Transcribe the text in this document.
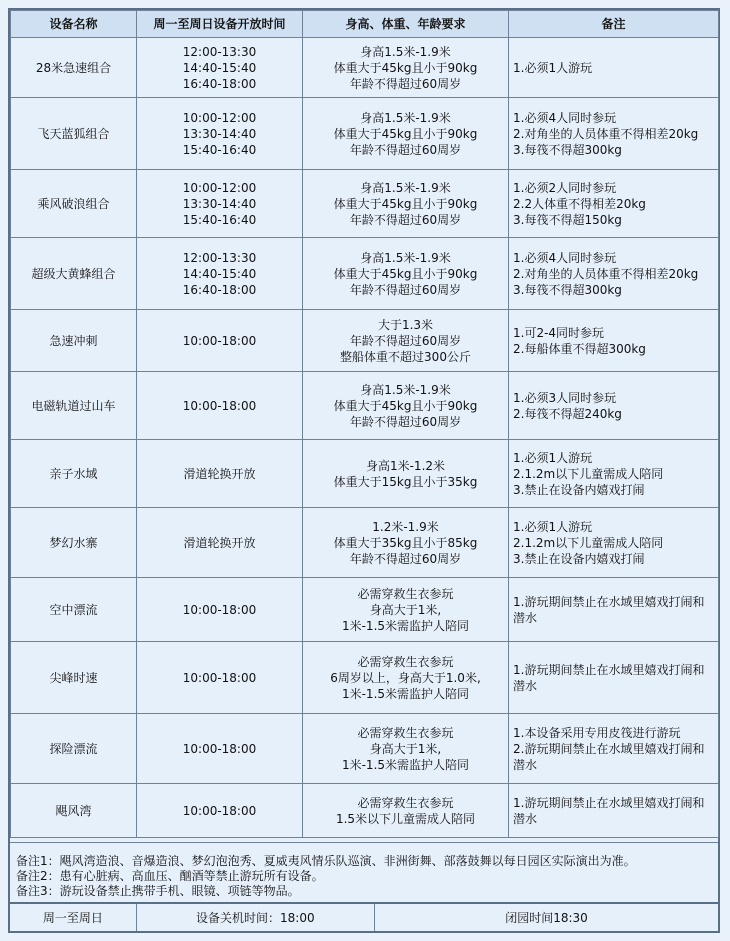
设备名称	周一至周日设备开放时间	身高、体重、年龄要求	备注
28米急速组合	12:00-13:30
14:40-15:40
16:40-18:00	身高1.5米-1.9米
体重大于45kg且小于90kg
年龄不得超过60周岁	1.必须1人游玩

飞天蓝狐组合	10:00-12:00
13:30-14:40
15:40-16:40	身高1.5米-1.9米
体重大于45kg且小于90kg
年龄不得超过60周岁	1.必须4人同时参玩
2.对角坐的人员体重不得相差20kg
3.每筏不得超300kg

乘风破浪组合	10:00-12:00
13:30-14:40
15:40-16:40	身高1.5米-1.9米
体重大于45kg且小于90kg
年龄不得超过60周岁	1.必须2人同时参玩
2.2人体重不得相差20kg
3.每筏不得超150kg

超级大黄蜂组合	12:00-13:30
14:40-15:40
16:40-18:00	身高1.5米-1.9米
体重大于45kg且小于90kg
年龄不得超过60周岁	1.必须4人同时参玩
2.对角坐的人员体重不得相差20kg
3.每筏不得超300kg

急速冲刺	10:00-18:00	大于1.3米
年龄不得超过60周岁
整船体重不超过300公斤	1.可2-4同时参玩
2.每船体重不得超300kg

电磁轨道过山车	10:00-18:00	身高1.5米-1.9米
体重大于45kg且小于90kg
年龄不得超过60周岁	1.必须3人同时参玩
2.每筏不得超240kg

亲子水域	滑道轮换开放	身高1米-1.2米
体重大于15kg且小于35kg	1.必须1人游玩
2.1.2m以下儿童需成人陪同
3.禁止在设备内嬉戏打闹

梦幻水寨	滑道轮换开放	1.2米-1.9米
体重大于35kg且小于85kg
年龄不得超过60周岁	1.必须1人游玩
2.1.2m以下儿童需成人陪同
3.禁止在设备内嬉戏打闹

空中漂流	10:00-18:00	必需穿救生衣参玩
身高大于1米,
1米-1.5米需监护人陪同	1.游玩期间禁止在水域里嬉戏打闹和潜水

尖峰时速	10:00-18:00	必需穿救生衣参玩
6周岁以上，身高大于1.0米,
1米-1.5米需监护人陪同	1.游玩期间禁止在水域里嬉戏打闹和潜水

探险漂流	10:00-18:00	必需穿救生衣参玩
身高大于1米,
1米-1.5米需监护人陪同	1.本设备采用专用皮筏进行游玩
2.游玩期间禁止在水域里嬉戏打闹和潜水

飓风湾	10:00-18:00	必需穿救生衣参玩
1.5米以下儿童需成人陪同	1.游玩期间禁止在水域里嬉戏打闹和潜水
备注1：飓风湾造浪、音爆造浪、梦幻泡泡秀、夏威夷风情乐队巡演、非洲街舞、部落鼓舞以每日园区实际演出为准。
备注2：患有心脏病、高血压、酗酒等禁止游玩所有设备。
备注3：游玩设备禁止携带手机、眼镜、项链等物品。
周一至周日	设备关机时间：18:00	闭园时间18:30
